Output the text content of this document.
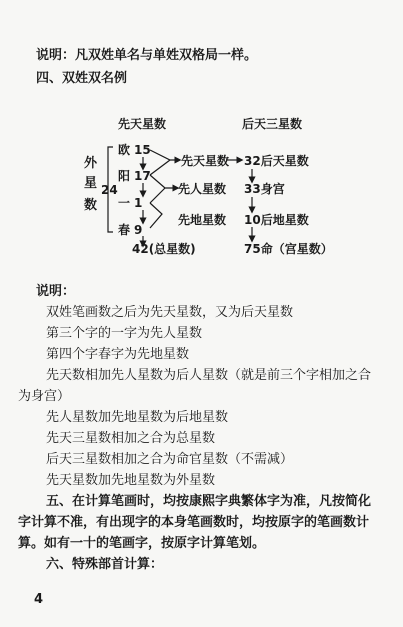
说明：凡双姓单名与单姓双格局一样。
四、双姓双名例
先天星数	后天三星数
外
星
数
24
欧 15
阳 17
一 1
春 9
先天星数
先人星数
先地星数
32后天星数
33身宫
10后地星数
42(总星数)	75命（宫星数）
说明：
双姓笔画数之后为先天星数，又为后天星数
第三个字的一字为先人星数
第四个字春字为先地星数
先天数相加先人星数为后人星数（就是前三个字相加之合
为身宫）
先人星数加先地星数为后地星数
先天三星数相加之合为总星数
后天三星数相加之合为命官星数（不需减）
先天星数加先地星数为外星数
五、在计算笔画时，均按康熙字典繁体字为准，凡按简化
字计算不准，有出现字的本身笔画数时，均按原字的笔画数计
算。如有一十的笔画字，按原字计算笔划。
六、特殊部首计算：
4
